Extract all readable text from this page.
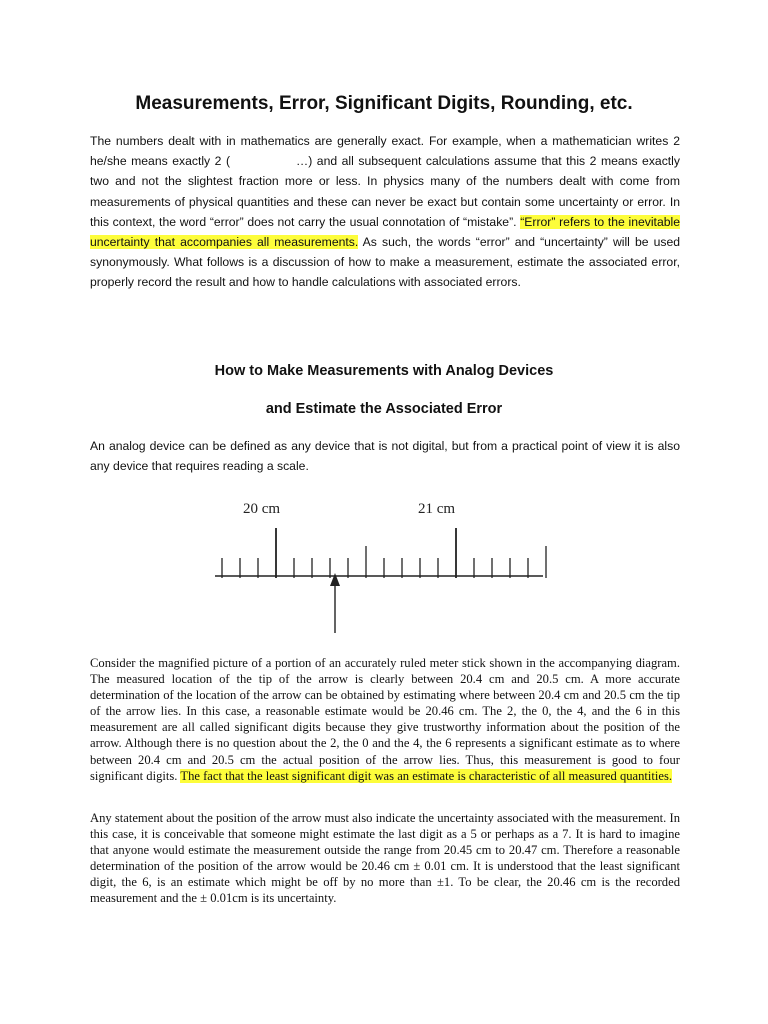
Measurements, Error, Significant Digits, Rounding, etc.

The numbers dealt with in mathematics are generally exact. For example, when a mathematician writes 2 he/she means exactly 2 (	…) and all subsequent calculations assume that this 2 means exactly two and not the slightest fraction more or less. In physics many of the numbers dealt with come from measurements of physical quantities and these can never be exact but contain some uncertainty or error. In this context, the word “error” does not carry the usual connotation of “mistake”. “Error” refers to the inevitable uncertainty that accompanies all measurements. As such, the words “error” and “uncertainty” will be used synonymously. What follows is a discussion of how to make a measurement, estimate the associated error, properly record the result and how to handle calculations with associated errors.

How to Make Measurements with Analog Devices
and Estimate the Associated Error

An analog device can be defined as any device that is not digital, but from a practical point of view it is also any device that requires reading a scale.

20 cm	21 cm

Consider the magnified picture of a portion of an accurately ruled meter stick shown in the accompanying diagram. The measured location of the tip of the arrow is clearly between 20.4 cm and 20.5 cm. A more accurate determination of the location of the arrow can be obtained by estimating where between 20.4 cm and 20.5 cm the tip of the arrow lies. In this case, a reasonable estimate would be 20.46 cm. The 2, the 0, the 4, and the 6 in this measurement are all called significant digits because they give trustworthy information about the position of the arrow. Although there is no question about the 2, the 0 and the 4, the 6 represents a significant estimate as to where between 20.4 cm and 20.5 cm the actual position of the arrow lies. Thus, this measurement is good to four significant digits. The fact that the least significant digit was an estimate is characteristic of all measured quantities.

Any statement about the position of the arrow must also indicate the uncertainty associated with the measurement. In this case, it is conceivable that someone might estimate the last digit as a 5 or perhaps as a 7. It is hard to imagine that anyone would estimate the measurement outside the range from 20.45 cm to 20.47 cm. Therefore a reasonable determination of the position of the arrow would be 20.46 cm ± 0.01 cm. It is understood that the least significant digit, the 6, is an estimate which might be off by no more than ±1. To be clear, the 20.46 cm is the recorded measurement and the ± 0.01cm is its uncertainty.
